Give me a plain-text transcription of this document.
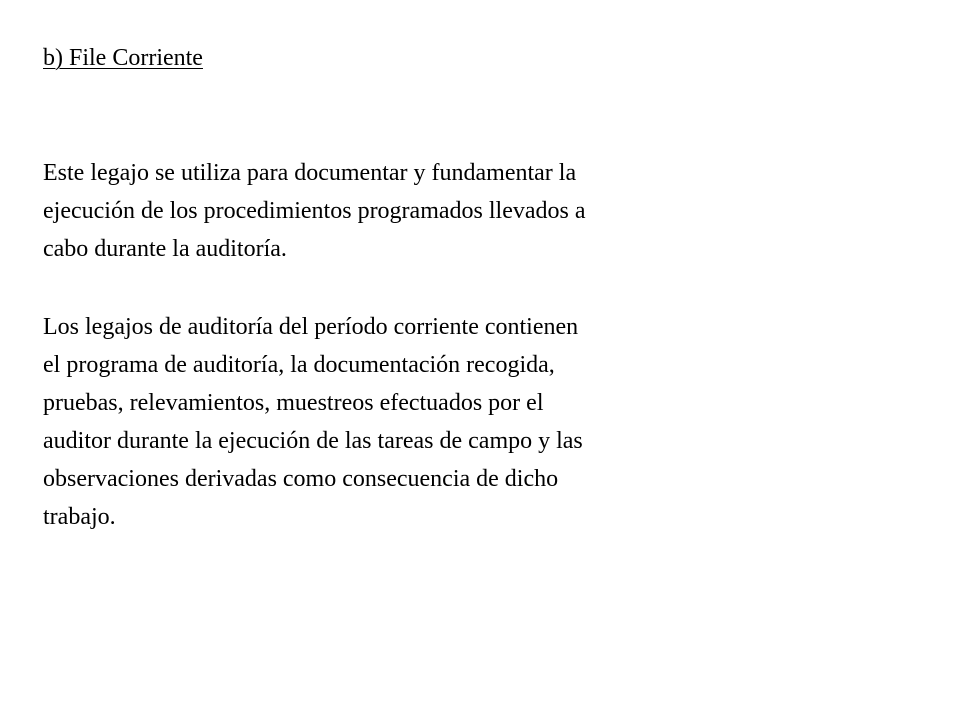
b) File Corriente
Este legajo se utiliza para documentar y fundamentar la
ejecución de los procedimientos programados llevados a
cabo durante la auditoría.
Los legajos de auditoría del período corriente contienen
el programa de auditoría, la documentación recogida,
pruebas, relevamientos, muestreos efectuados por el
auditor durante la ejecución de las tareas de campo y las
observaciones derivadas como consecuencia de dicho
trabajo.
